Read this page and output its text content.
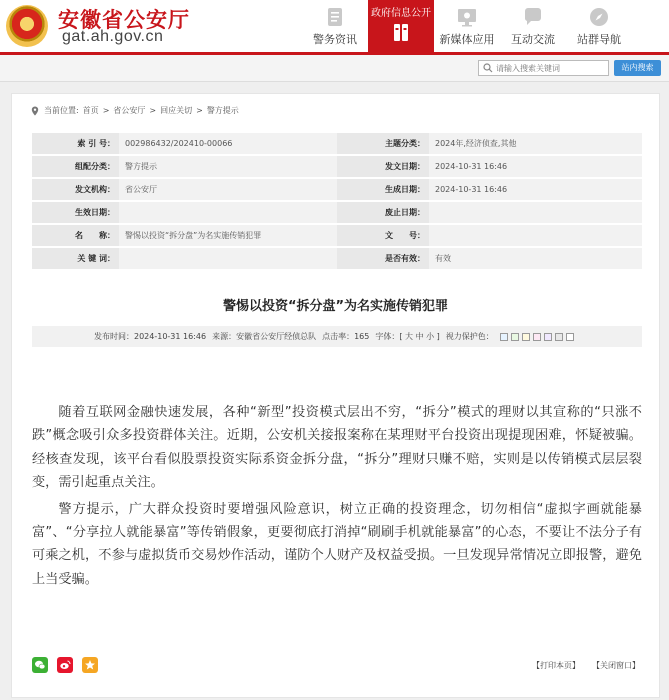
安徽省公安厅
gat.ah.gov.cn	警务资讯
政府信息公开
新媒体应用	互动交流	站群导航
请输入搜索关键词
站内搜索
当前位置: 首页 > 省公安厅 > 回应关切 > 警方提示
索 引 号：	002986432/202410-00066	主题分类：	2024年,经济侦查,其他
组配分类：	警方提示	发文日期：	2024-10-31 16:46
发文机构：	省公安厅	生成日期：	2024-10-31 16:46
生效日期：		废止日期：	
名　　称：	警惕以投资“拆分盘”为名实施传销犯罪	文　　号：	
关 键 词：		是否有效：	有效
警惕以投资“拆分盘”为名实施传销犯罪
发布时间：2024-10-31 16:46 来源：安徽省公安厅经侦总队 点击率：165 字体：[ 大 中 小 ] 视力保护色：

随着互联网金融快速发展，各种“新型”投资模式层出不穷，“拆分”模式的理财以其宣称的“只涨不跌”概念吸引众多投资群体关注。近期，公安机关接报案称在某理财平台投资出现提现困难，怀疑被骗。经核查发现，该平台看似股票投资实际系资金拆分盘，“拆分”理财只赚不赔，实则是以传销模式层层裂变，需引起重点关注。

警方提示，广大群众投资时要增强风险意识，树立正确的投资理念，切勿相信“虚拟字画就能暴富”、“分享拉人就能暴富”等传销假象，更要彻底打消掉“刷刷手机就能暴富”的心态，不要让不法分子有可乘之机，不参与虚拟货币交易炒作活动，谨防个人财产及权益受损。一旦发现异常情况立即报警，避免上当受骗。

【打印本页】 【关闭窗口】
